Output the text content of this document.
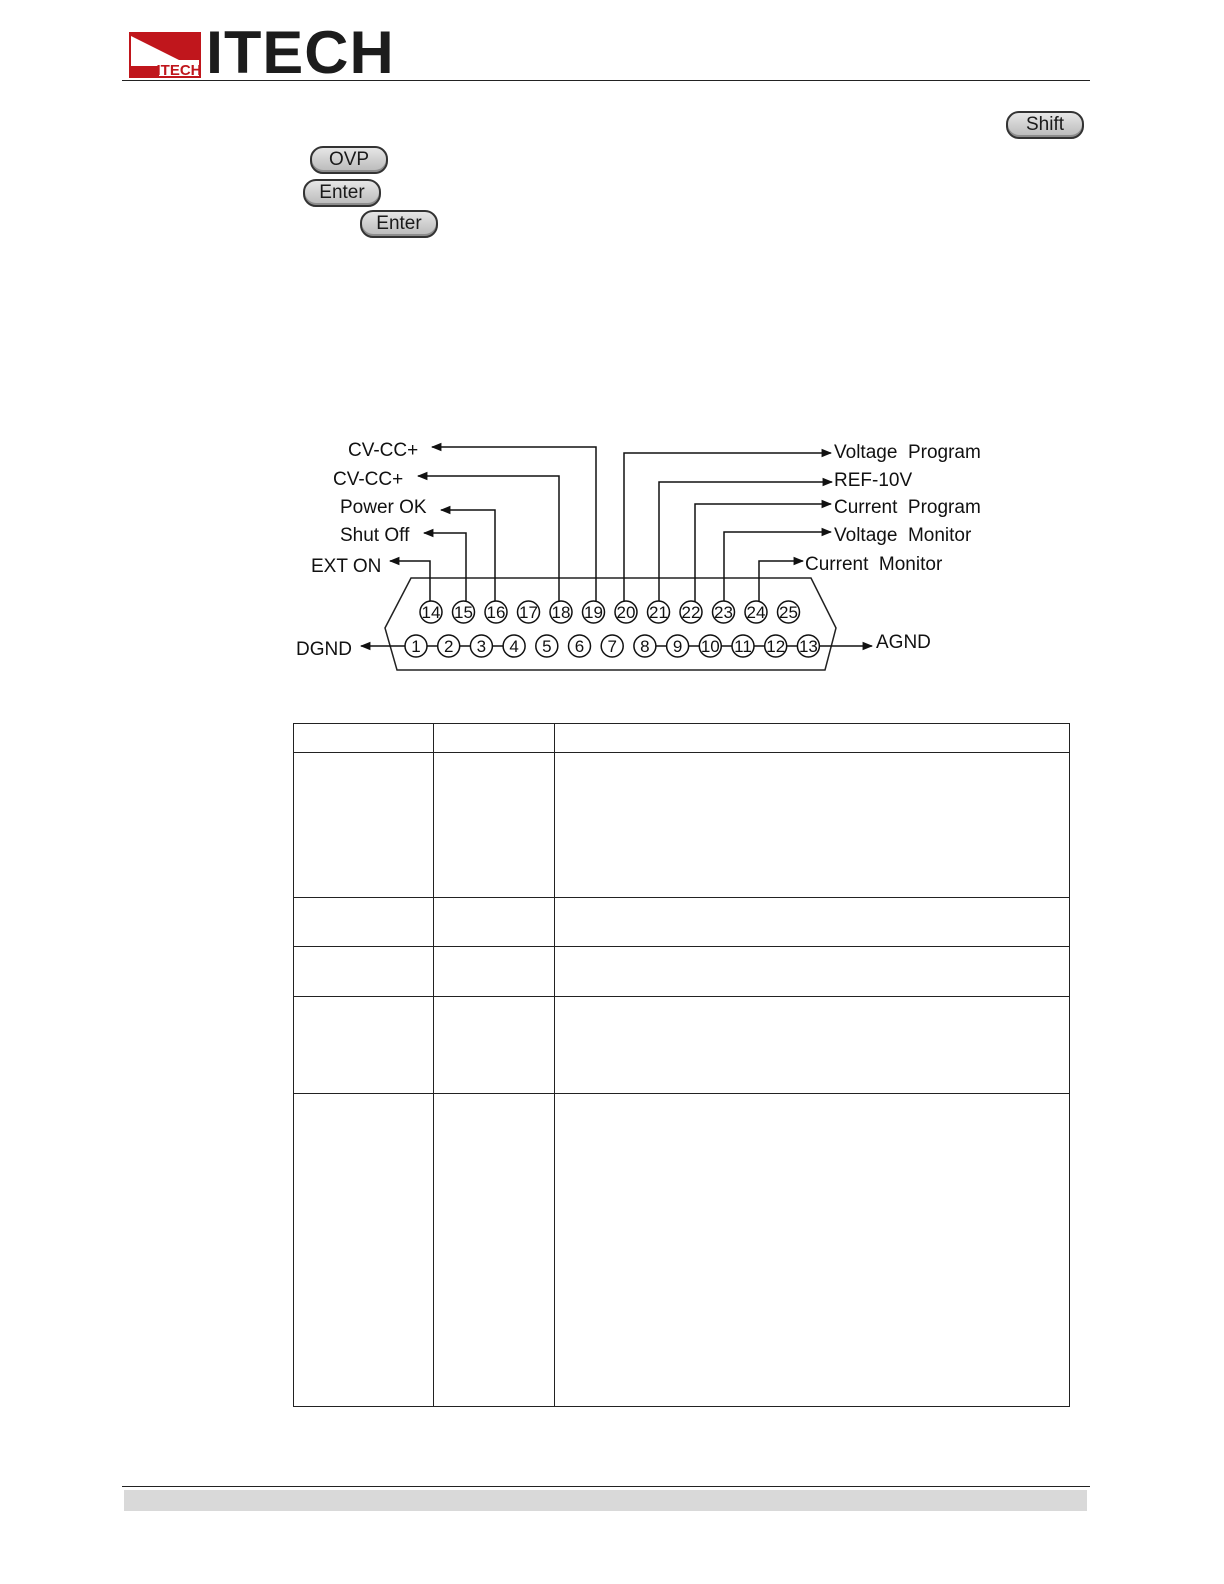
ITECH ITECH
Shift
OVP
Enter
Enter
CV-CC+
CV-CC+
Power OK
Shut Off
EXT ON
Voltage  Program
REF-10V
Current  Program
Voltage  Monitor
Current  Monitor
DGND	AGND
14 15 16 17 18 19 20 21 22 23 24 25
1 2 3 4 5 6 7 8 9 10 11 12 13
